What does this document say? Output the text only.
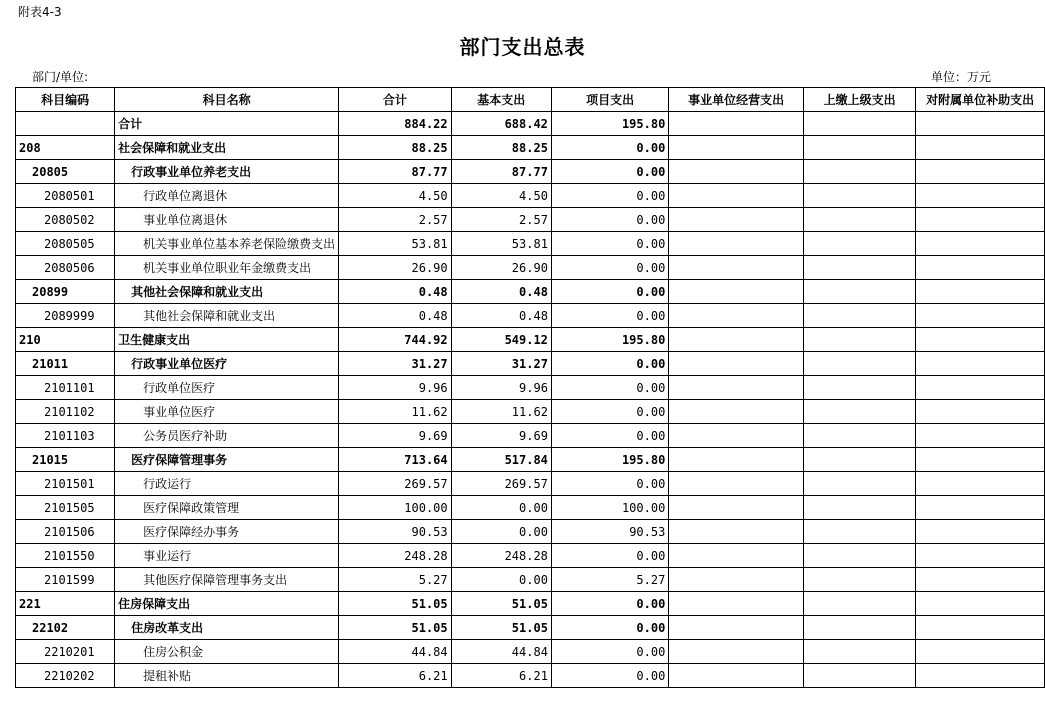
附表4-3
部门支出总表
部门/单位:	单位：万元
科目编码	科目名称	合计	基本支出	项目支出	事业单位经营支出	上缴上级支出	对附属单位补助支出
	合计	884.22	688.42	195.80			
208	社会保障和就业支出	88.25	88.25	0.00			
20805	行政事业单位养老支出	87.77	87.77	0.00			
2080501	行政单位离退休	4.50	4.50	0.00			
2080502	事业单位离退休	2.57	2.57	0.00			
2080505	机关事业单位基本养老保险缴费支出	53.81	53.81	0.00			
2080506	机关事业单位职业年金缴费支出	26.90	26.90	0.00			
20899	其他社会保障和就业支出	0.48	0.48	0.00			
2089999	其他社会保障和就业支出	0.48	0.48	0.00			
210	卫生健康支出	744.92	549.12	195.80			
21011	行政事业单位医疗	31.27	31.27	0.00			
2101101	行政单位医疗	9.96	9.96	0.00			
2101102	事业单位医疗	11.62	11.62	0.00			
2101103	公务员医疗补助	9.69	9.69	0.00			
21015	医疗保障管理事务	713.64	517.84	195.80			
2101501	行政运行	269.57	269.57	0.00			
2101505	医疗保障政策管理	100.00	0.00	100.00			
2101506	医疗保障经办事务	90.53	0.00	90.53			
2101550	事业运行	248.28	248.28	0.00			
2101599	其他医疗保障管理事务支出	5.27	0.00	5.27			
221	住房保障支出	51.05	51.05	0.00			
22102	住房改革支出	51.05	51.05	0.00			
2210201	住房公积金	44.84	44.84	0.00			
2210202	提租补贴	6.21	6.21	0.00			
